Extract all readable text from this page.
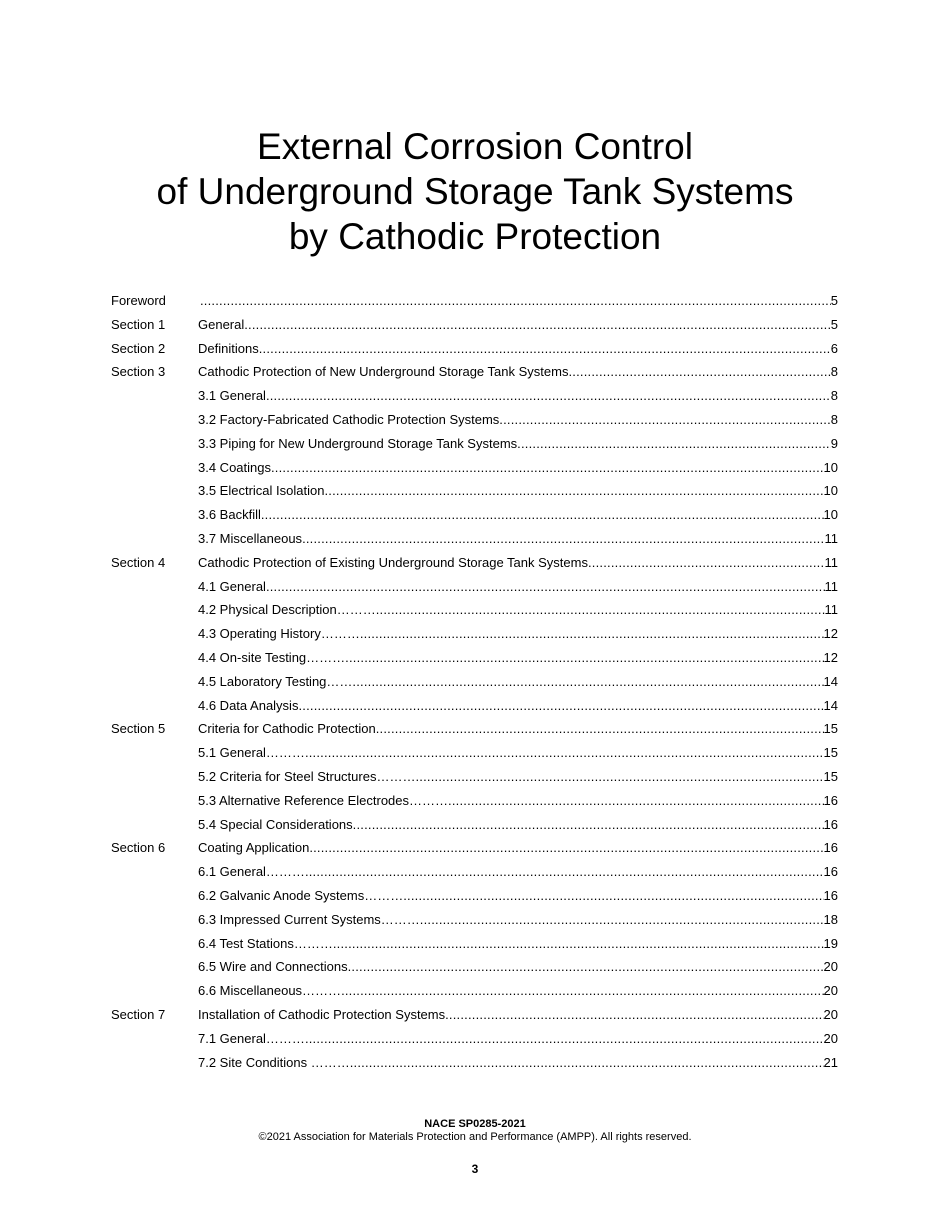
External Corrosion Control
of Underground Storage Tank Systems
by Cathodic Protection
Foreword .....	5
Section 1	General .....	5
Section 2	Definitions .....	6
Section 3	Cathodic Protection of New Underground Storage Tank Systems .....	8
3.1 General .....	8
3.2 Factory-Fabricated Cathodic Protection Systems .....	8
3.3 Piping for New Underground Storage Tank Systems .....	9
3.4 Coatings .....	10
3.5 Electrical Isolation .....	10
3.6 Backfill .....	10
3.7 Miscellaneous .....	11
Section 4	Cathodic Protection of Existing Underground Storage Tank Systems .....	11
4.1 General .....	11
4.2 Physical Description……… .....	11
4.3 Operating History……… .....	12
4.4 On-site Testing……… .....	12
4.5 Laboratory Testing…… .....	14
4.6 Data Analysis .....	14
Section 5	Criteria for Cathodic Protection .....	15
5.1 General……… .....	15
5.2 Criteria for Steel Structures……… .....	15
5.3 Alternative Reference Electrodes……… .....	16
5.4 Special Considerations .....	16
Section 6	Coating Application .....	16
6.1 General……… .....	16
6.2 Galvanic Anode Systems……… .....	16
6.3 Impressed Current Systems……… .....	18
6.4 Test Stations……… .....	19
6.5 Wire and Connections .....	20
6.6 Miscellaneous……… .....	20
Section 7	Installation of Cathodic Protection Systems .....	20
7.1 General……… .....	20
7.2 Site Conditions ……… .....	21
NACE SP0285-2021
©2021 Association for Materials Protection and Performance (AMPP). All rights reserved.
3
